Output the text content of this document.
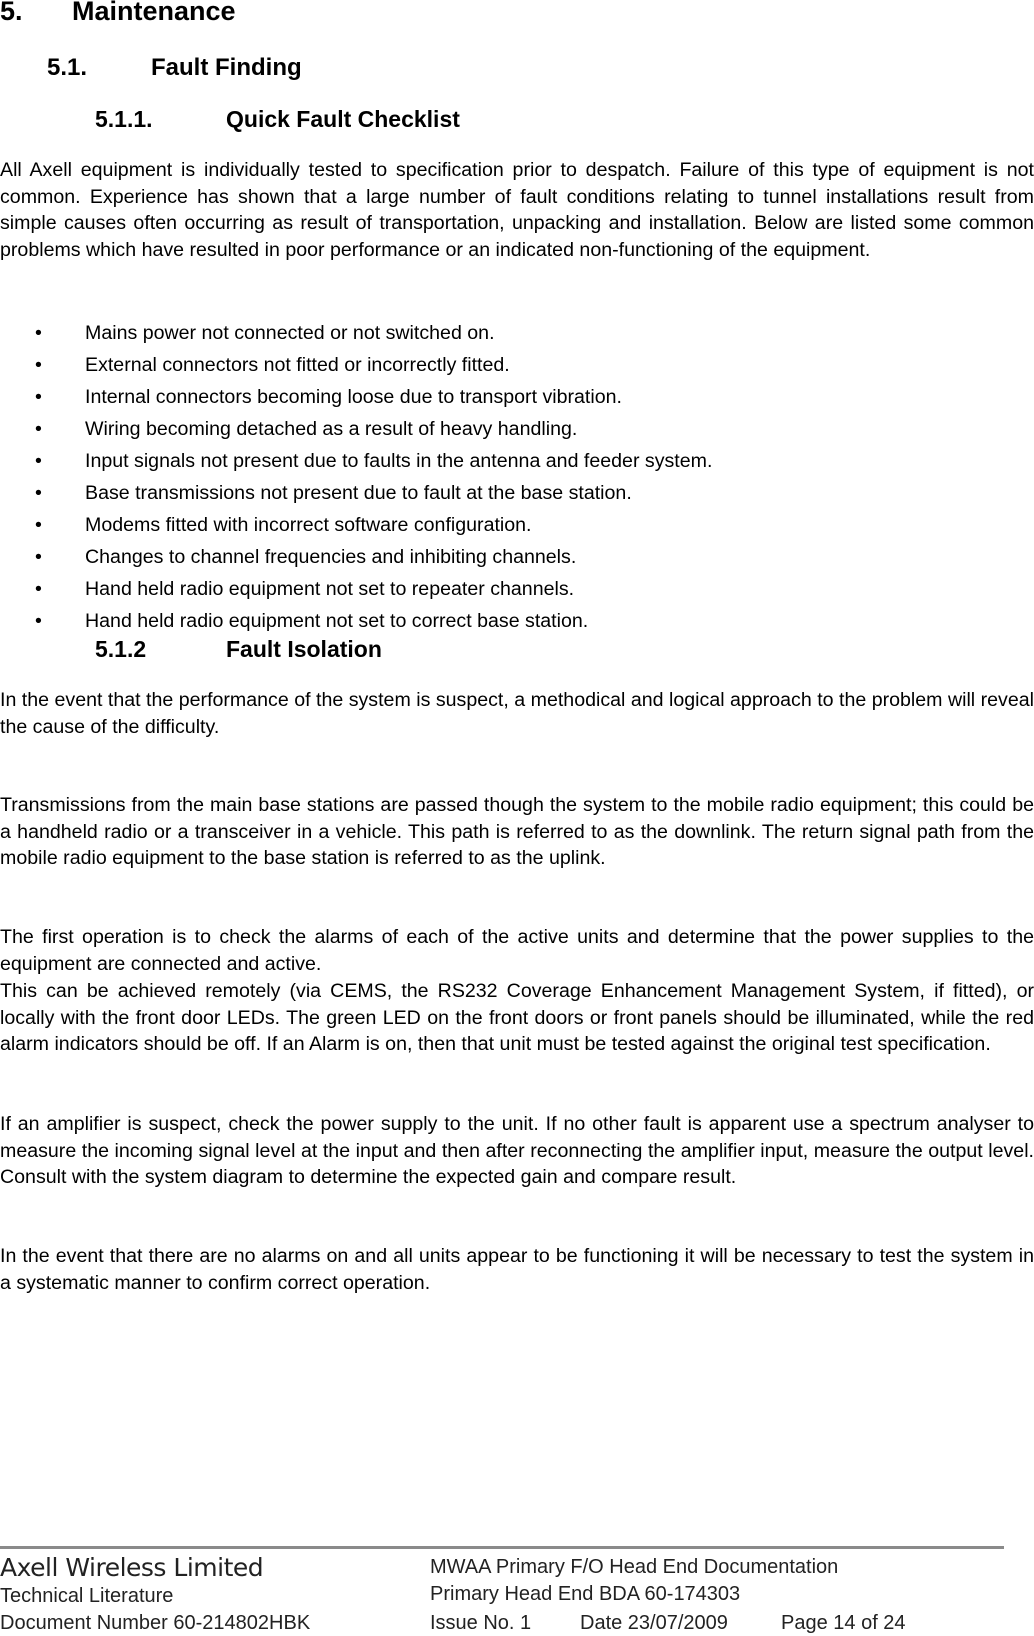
5. Maintenance
5.1.	Fault Finding
5.1.1.	Quick Fault Checklist

All Axell equipment is individually tested to specification prior to despatch. Failure of this type of equipment is not common. Experience has shown that a large number of fault conditions relating to tunnel installations result from simple causes often occurring as result of transportation, unpacking and installation. Below are listed some common problems which have resulted in poor performance or an indicated non-functioning of the equipment.

• Mains power not connected or not switched on.
• External connectors not fitted or incorrectly fitted.
• Internal connectors becoming loose due to transport vibration.
• Wiring becoming detached as a result of heavy handling.
• Input signals not present due to faults in the antenna and feeder system.
• Base transmissions not present due to fault at the base station.
• Modems fitted with incorrect software configuration.
• Changes to channel frequencies and inhibiting channels.
• Hand held radio equipment not set to repeater channels.
• Hand held radio equipment not set to correct base station.
5.1.2	Fault Isolation

In the event that the performance of the system is suspect, a methodical and logical approach to the problem will reveal the cause of the difficulty.

Transmissions from the main base stations are passed though the system to the mobile radio equipment; this could be a handheld radio or a transceiver in a vehicle. This path is referred to as the downlink. The return signal path from the mobile radio equipment to the base station is referred to as the uplink.

The first operation is to check the alarms of each of the active units and determine that the power supplies to the equipment are connected and active.

This can be achieved remotely (via CEMS, the RS232 Coverage Enhancement Management System, if fitted), or locally with the front door LEDs. The green LED on the front doors or front panels should be illuminated, while the red alarm indicators should be off. If an Alarm is on, then that unit must be tested against the original test specification.

If an amplifier is suspect, check the power supply to the unit. If no other fault is apparent use a spectrum analyser to measure the incoming signal level at the input and then after reconnecting the amplifier input, measure the output level. Consult with the system diagram to determine the expected gain and compare result.

In the event that there are no alarms on and all units appear to be functioning it will be necessary to test the system in a systematic manner to confirm correct operation.

Axell Wireless Limited
Technical Literature
Document Number 60-214802HBK
MWAA Primary F/O Head End Documentation
Primary Head End BDA 60-174303
Issue No. 1 Date 23/07/2009	Page 14 of 24
